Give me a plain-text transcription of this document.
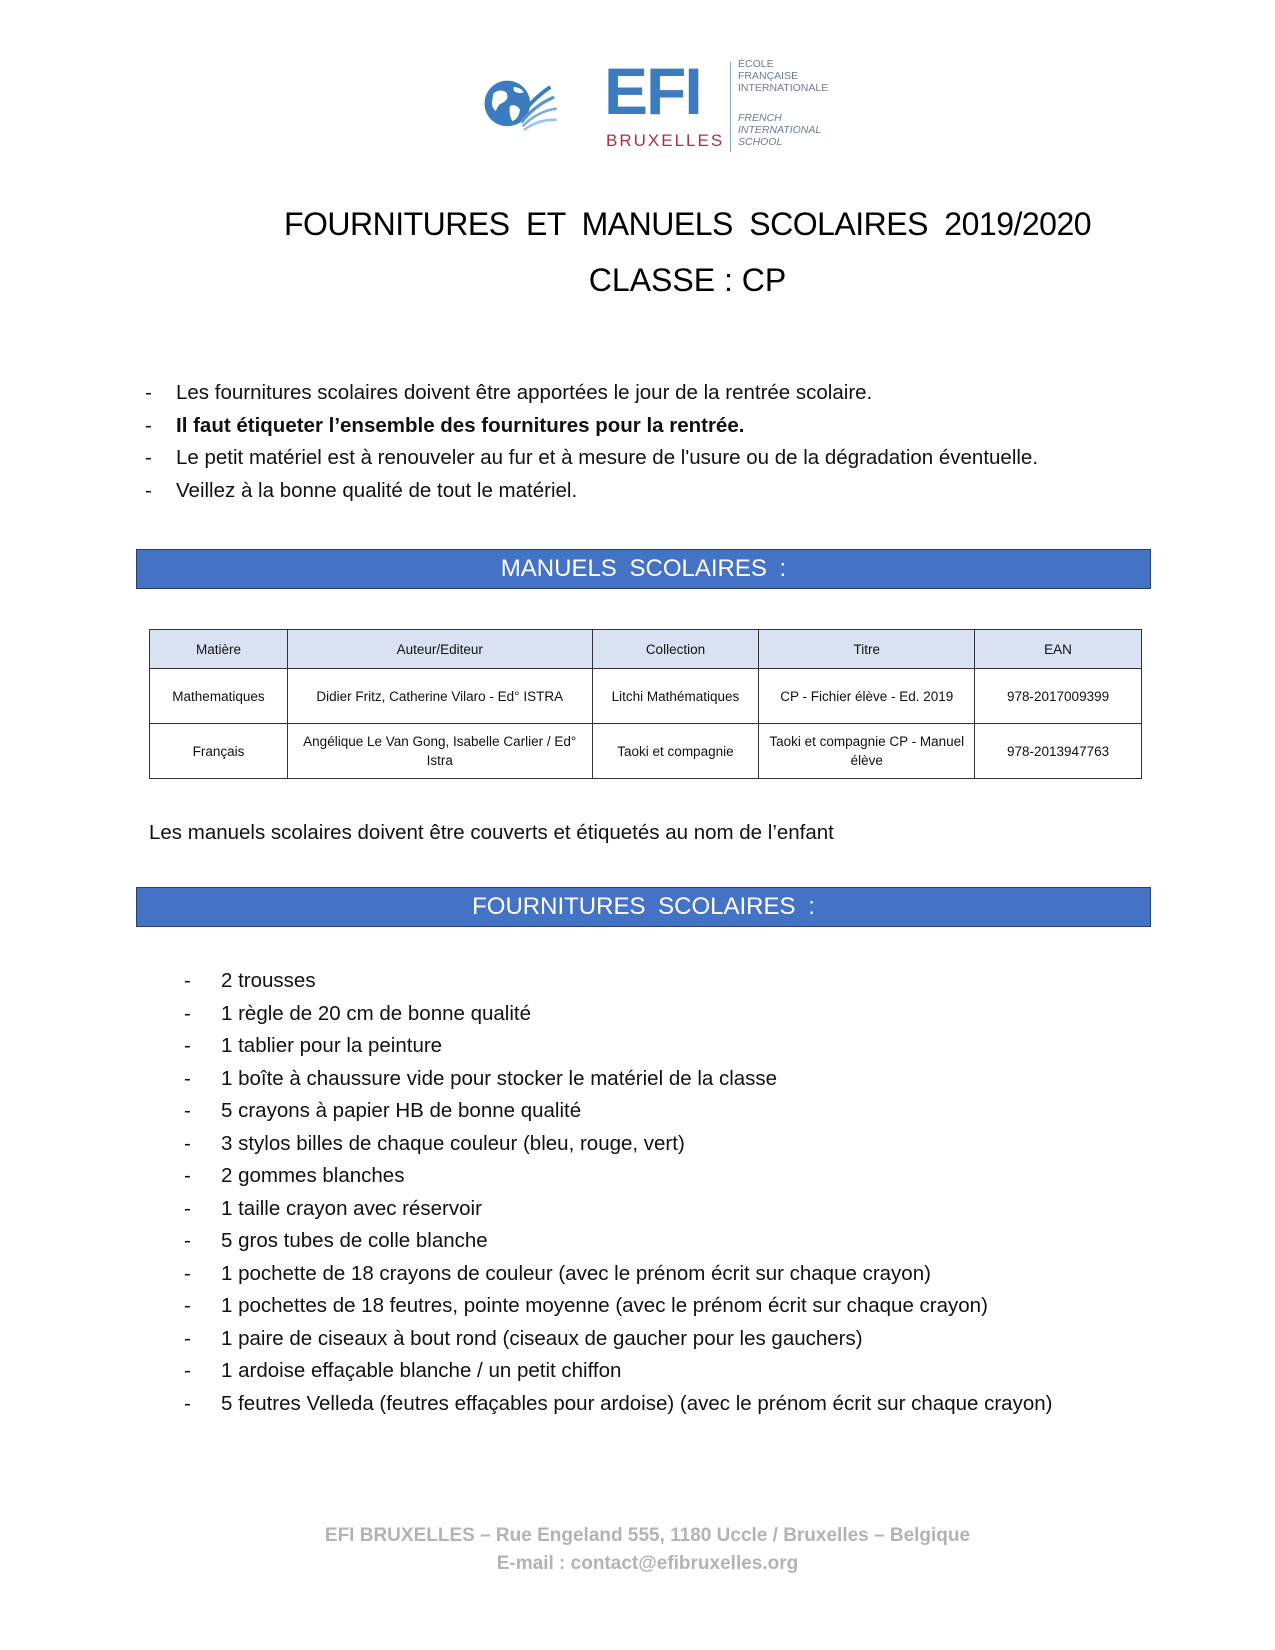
EFI
BRUXELLES
ÉCOLE
FRANÇAISE
INTERNATIONALE
FRENCH
INTERNATIONAL
SCHOOL
FOURNITURES ET MANUELS SCOLAIRES 2019/2020
CLASSE : CP
-	Les fournitures scolaires doivent être apportées le jour de la rentrée scolaire.
-	Il faut étiqueter l’ensemble des fournitures pour la rentrée.
-	Le petit matériel est à renouveler au fur et à mesure de l'usure ou de la dégradation éventuelle.
-	Veillez à la bonne qualité de tout le matériel.
MANUELS SCOLAIRES :
Matière	Auteur/Editeur	Collection	Titre	EAN
Mathematiques	Didier Fritz, Catherine Vilaro - Ed° ISTRA	Litchi Mathématiques	CP - Fichier élève - Ed. 2019	978-2017009399
Français	Angélique Le Van Gong, Isabelle Carlier / Ed° Istra	Taoki et compagnie	Taoki et compagnie CP - Manuel élève	978-2013947763
Les manuels scolaires doivent être couverts et étiquetés au nom de l’enfant
FOURNITURES SCOLAIRES :
-	2 trousses
-	1 règle de 20 cm de bonne qualité
-	1 tablier pour la peinture
-	1 boîte à chaussure vide pour stocker le matériel de la classe
-	5 crayons à papier HB de bonne qualité
-	3 stylos billes de chaque couleur (bleu, rouge, vert)
-	2 gommes blanches
-	1 taille crayon avec réservoir
-	5 gros tubes de colle blanche
-	1 pochette de 18 crayons de couleur (avec le prénom écrit sur chaque crayon)
-	1 pochettes de 18 feutres, pointe moyenne (avec le prénom écrit sur chaque crayon)
-	1 paire de ciseaux à bout rond (ciseaux de gaucher pour les gauchers)
-	1 ardoise effaçable blanche / un petit chiffon
-	5 feutres Velleda (feutres effaçables pour ardoise) (avec le prénom écrit sur chaque crayon)
EFI BRUXELLES – Rue Engeland 555, 1180 Uccle / Bruxelles – Belgique
E-mail : contact@efibruxelles.org
